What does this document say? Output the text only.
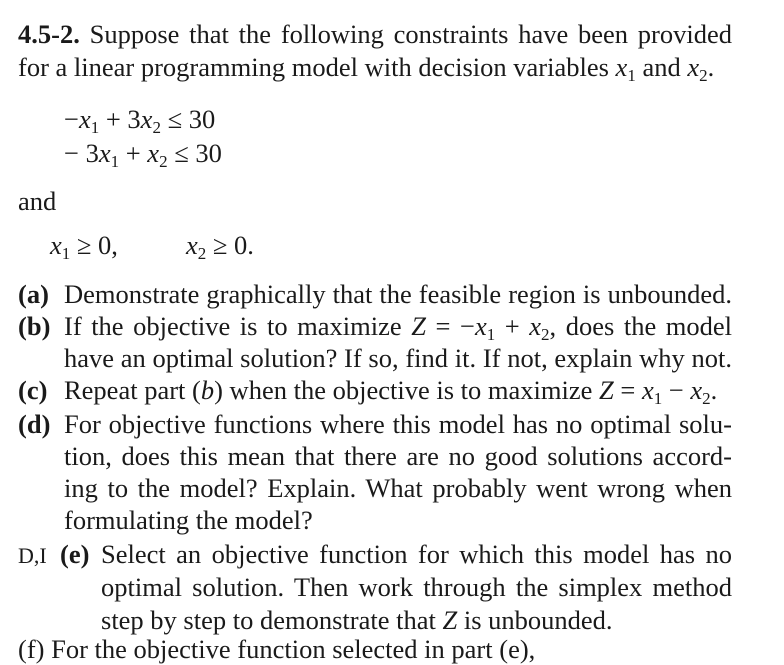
4.5-2. Suppose that the following constraints have been provided
for a linear programming model with decision variables $x_1$ and $x_2$.
$-x_1 + 3x_2 \le 30$
− $3x_1 + x_2 \le 30$
and
$x_1 \ge 0$,	$x_2 \ge 0$.
(a) Demonstrate graphically that the feasible region is unbounded.
(b) If the objective is to maximize $Z = -x_1 + x_2$, does the model
have an optimal solution? If so, find it. If not, explain why not.
(c) Repeat part (b) when the objective is to maximize $Z = x_1 - x_2$.
(d) For objective functions where this model has no optimal solu-
tion, does this mean that there are no good solutions accord-
ing to the model? Explain. What probably went wrong when
formulating the model?
D,I (e) Select an objective function for which this model has no
optimal solution. Then work through the simplex method
step by step to demonstrate that Z is unbounded.
(f) For the objective function selected in part (e),
